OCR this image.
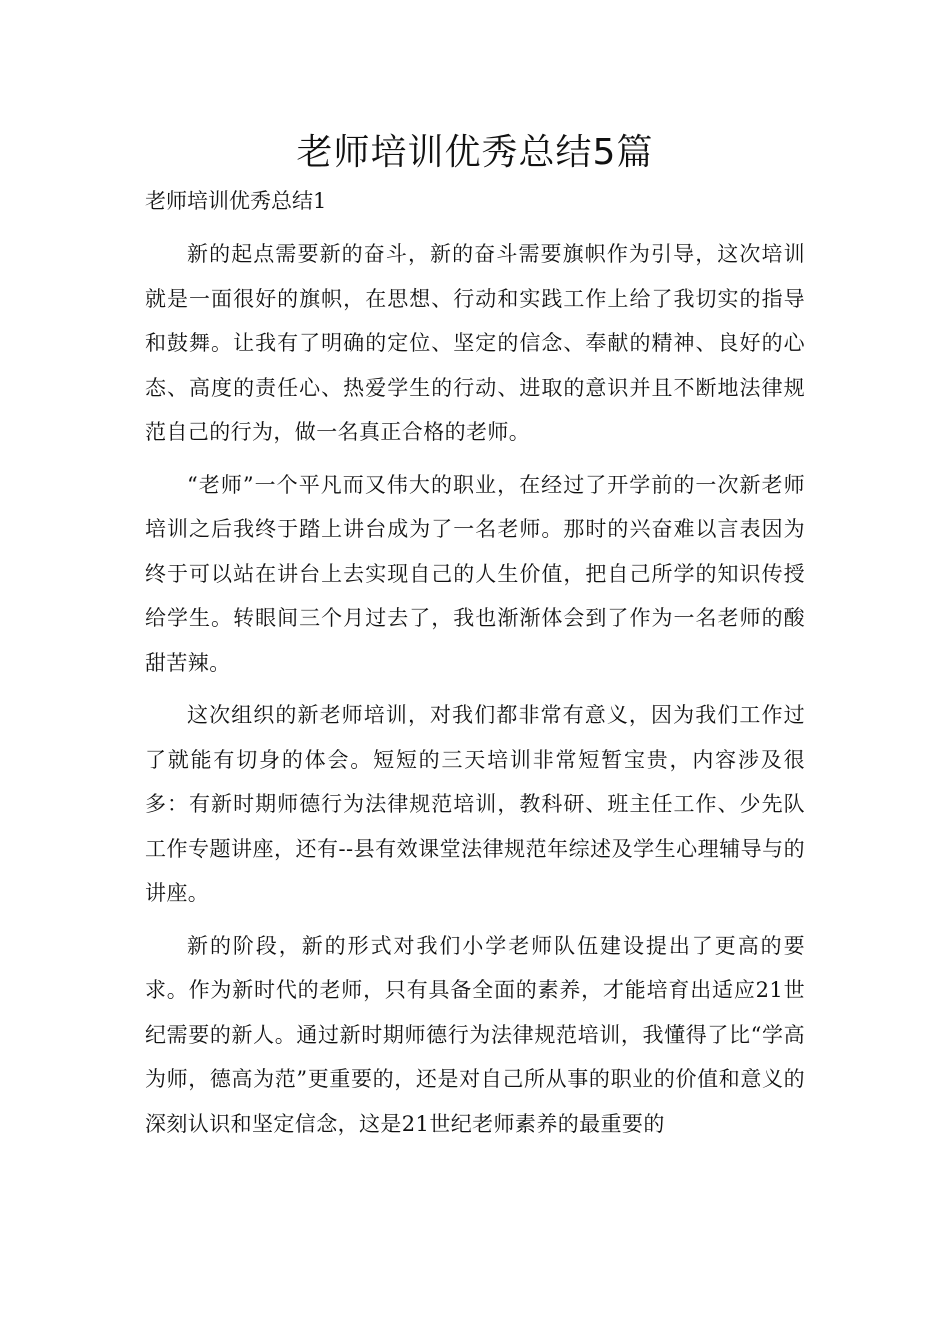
老师培训优秀总结5篇
老师培训优秀总结1

新的起点需要新的奋斗，新的奋斗需要旗帜作为引导，这次培训就是一面很好的旗帜，在思想、行动和实践工作上给了我切实的指导和鼓舞。让我有了明确的定位、坚定的信念、奉献的精神、良好的心态、高度的责任心、热爱学生的行动、进取的意识并且不断地法律规范自己的行为，做一名真正合格的老师。

“老师”一个平凡而又伟大的职业，在经过了开学前的一次新老师培训之后我终于踏上讲台成为了一名老师。那时的兴奋难以言表因为终于可以站在讲台上去实现自己的人生价值，把自己所学的知识传授给学生。转眼间三个月过去了，我也渐渐体会到了作为一名老师的酸甜苦辣。

这次组织的新老师培训，对我们都非常有意义，因为我们工作过了就能有切身的体会。短短的三天培训非常短暂宝贵，内容涉及很多：有新时期师德行为法律规范培训，教科研、班主任工作、少先队工作专题讲座，还有--县有效课堂法律规范年综述及学生心理辅导与的讲座。

新的阶段，新的形式对我们小学老师队伍建设提出了更高的要求。作为新时代的老师，只有具备全面的素养，才能培育出适应21世纪需要的新人。通过新时期师德行为法律规范培训，我懂得了比“学高为师，德高为范”更重要的，还是对自己所从事的职业的价值和意义的深刻认识和坚定信念，这是21世纪老师素养的最重要的
